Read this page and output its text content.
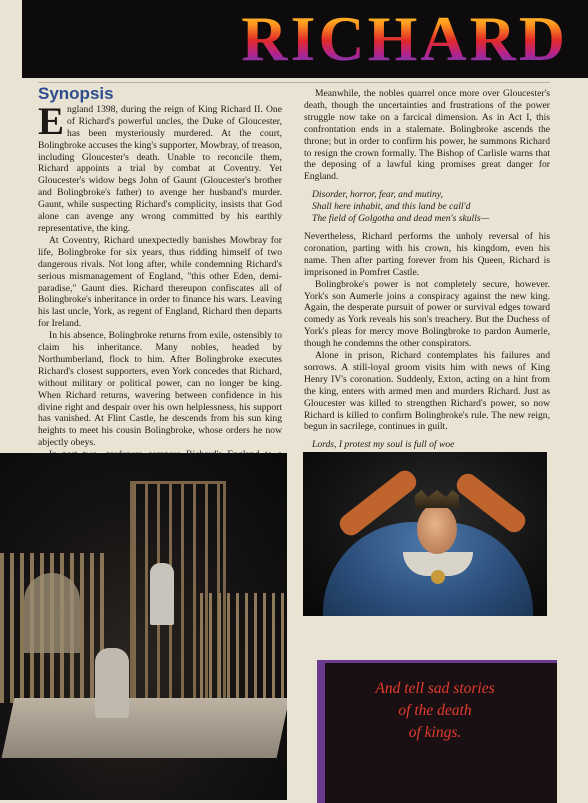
RICHARD
Synopsis

England 1398, during the reign of King Richard II. One of Richard's powerful uncles, the Duke of Gloucester, has been mysteriously murdered. At the court, Bolingbroke accuses the king's supporter, Mowbray, of treason, including Gloucester's death. Unable to reconcile them, Richard appoints a trial by combat at Coventry. Yet Gloucester's widow begs John of Gaunt (Gloucester's brother and Bolingbroke's father) to avenge her husband's murder. Gaunt, while suspecting Richard's complicity, insists that God alone can avenge any wrong committed by his earthly representative, the king.

At Coventry, Richard unexpectedly banishes Mowbray for life, Bolingbroke for six years, thus ridding himself of two dangerous rivals. Not long after, while condemning Richard's serious mismanagement of England, "this other Eden, demi-paradise," Gaunt dies. Richard thereupon confiscates all of Bolingbroke's inheritance in order to finance his wars. Leaving his last uncle, York, as regent of England, Richard then departs for Ireland.

In his absence, Bolingbroke returns from exile, ostensibly to claim his inheritance. Many nobles, headed by Northumberland, flock to him. After Bolingbroke executes Richard's closest supporters, even York concedes that Richard, without military or political power, can no longer be king. When Richard returns, wavering between confidence in his divine right and despair over his own helplessness, his support has vanished. At Flint Castle, he descends from his sun king heights to meet his cousin Bolingbroke, whose orders he now abjectly obeys.

Meanwhile, the nobles quarrel once more over Gloucester's death, though the uncertainties and frustrations of the power struggle now take on a farcical dimension. As in Act I, this confrontation ends in a stalemate. Bolingbroke ascends the throne; but in order to confirm his power, he summons Richard to resign the crown formally. The Bishop of Carlisle warns that the deposing of a lawful king promises great danger for England.

Disorder, horror, fear, and mutiny,
Shall here inhabit, and this land be call'd
The field of Golgotha and dead men's skulls—

Nevertheless, Richard performs the unholy reversal of his coronation, parting with his crown, his kingdom, even his name. Then after parting forever from his Queen, Richard is imprisoned in Pomfret Castle.

Bolingbroke's power is not completely secure, however. York's son Aumerle joins a conspiracy against the new king. Again, the desperate pursuit of power or survival edges toward comedy as York reveals his son's treachery. But the Duchess of York's pleas for mercy move Bolingbroke to pardon Aumerle, though he condemns the other conspirators.

Alone in prison, Richard contemplates his failures and sorrows. A still-loyal groom visits him with news of King Henry IV's coronation. Suddenly, Exton, acting on a hint from the king, enters with armed men and murders Richard. Just as Gloucester was killed to strengthen Richard's power, so now Richard is killed to confirm Bolingbroke's rule. The new reign, begun in sacrilege, continues in guilt.

Lords, I protest my soul is full of woe
And tell sad stories
of the death
of kings.
